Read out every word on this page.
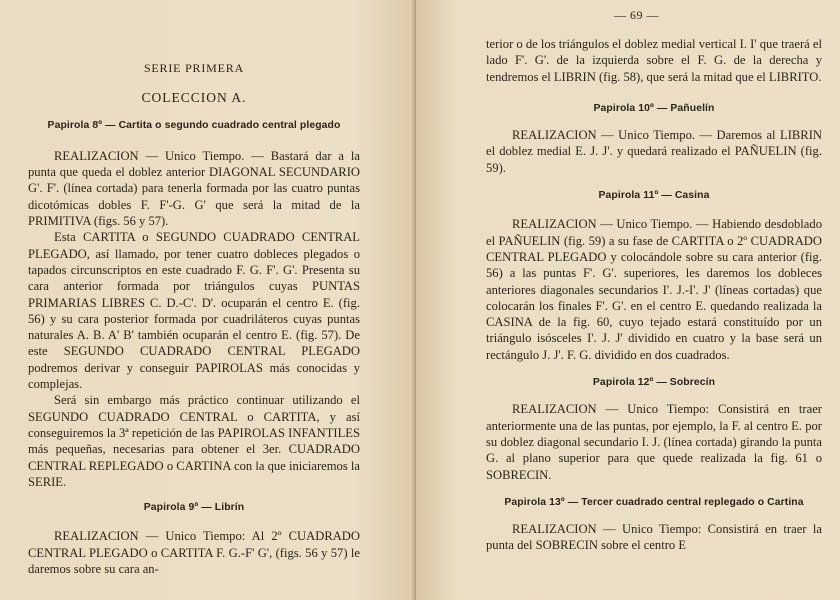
SERIE PRIMERA

COLECCION A.

Papirola 8º — Cartita o segundo cuadrado central plegado

REALIZACION — Unico Tiempo. — Bastará dar a la punta que queda el doblez anterior DIAGONAL SECUNDARIO G'. F'. (línea cortada) para tenerla formada por las cuatro puntas dicotómicas dobles F. F'-G. G' que será la mitad de la PRIMITIVA (figs. 56 y 57).

Esta CARTITA o SEGUNDO CUADRADO CENTRAL PLEGADO, así llamado, por tener cuatro dobleces plegados o tapados circunscriptos en este cuadrado F. G. F'. G'. Presenta su cara anterior formada por triángulos cuyas PUNTAS PRIMARIAS LIBRES C. D.-C'. D'. ocuparán el centro E. (fig. 56) y su cara posterior formada por cuadriláteros cuyas puntas naturales A. B. A' B' también ocuparán el centro E. (fig. 57). De este SEGUNDO CUADRADO CENTRAL PLEGADO podremos derivar y conseguir PAPIROLAS más conocidas y complejas.

Será sin embargo más práctico continuar utilizando el SEGUNDO CUADRADO CENTRAL o CARTITA, y así conseguiremos la 3ª repetición de las PAPIROLAS INFANTILES más pequeñas, necesarias para obtener el 3er. CUADRADO CENTRAL REPLEGADO o CARTINA con la que iniciaremos la SERIE.

Papirola 9º — Librín

REALIZACION — Unico Tiempo: Al 2º CUADRADO CENTRAL PLEGADO o CARTITA F. G.-F' G', (figs. 56 y 57) le daremos sobre su cara an-

— 69 —

terior o de los triángulos el doblez medial vertical I. I' que traerá el lado F'. G'. de la izquierda sobre el F. G. de la derecha y tendremos el LIBRIN (fig. 58), que será la mitad que el LIBRITO.

Papirola 10º — Pañuelín

REALIZACION — Unico Tiempo. — Daremos al LIBRIN el doblez medial E. J. J'. y quedará realizado el PAÑUELIN (fig. 59).

Papirola 11º — Casina

REALIZACION — Unico Tiempo. — Habiendo desdoblado el PAÑUELIN (fig. 59) a su fase de CARTITA o 2º CUADRADO CENTRAL PLEGADO y colocándole sobre su cara anterior (fig. 56) a las puntas F'. G'. superiores, les daremos los dobleces anteriores diagonales secundarios I'. J.-I'. J' (líneas cortadas) que colocarán los finales F'. G'. en el centro E. quedando realizada la CASINA de la fig. 60, cuyo tejado estará constituído por un triángulo isósceles I'. J. J' dividido en cuatro y la base será un rectángulo J. J'. F. G. dividido en dos cuadrados.

Papirola 12º — Sobrecín

REALIZACION — Unico Tiempo: Consistirá en traer anteriormente una de las puntas, por ejemplo, la F. al centro E. por su doblez diagonal secundario I. J. (línea cortada) girando la punta G. al plano superior para que quede realizada la fig. 61 o SOBRECIN.

Papirola 13º — Tercer cuadrado central replegado o Cartina

REALIZACION — Unico Tiempo: Consistirá en traer la punta del SOBRECIN sobre el centro E
